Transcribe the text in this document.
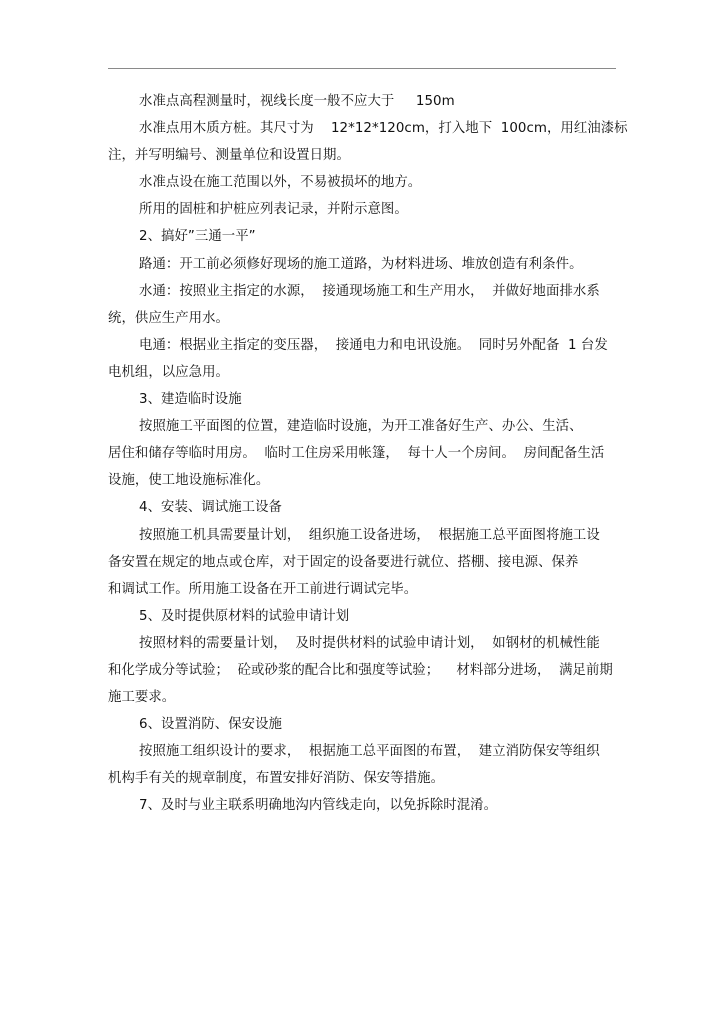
水准点高程测量时，视线长度一般不应大于     150m
水准点用木质方桩。其尺寸为    12*12*120cm，打入地下  100cm，用红油漆标
注，并写明编号、测量单位和设置日期。
水准点设在施工范围以外，不易被损坏的地方。
所用的固桩和护桩应列表记录，并附示意图。
2、搞好”三通一平”
路通：开工前必须修好现场的施工道路，为材料进场、堆放创造有利条件。
水通：按照业主指定的水源，  接通现场施工和生产用水，  并做好地面排水系
统，供应生产用水。
电通：根据业主指定的变压器，  接通电力和电讯设施。  同时另外配备  1 台发
电机组，以应急用。
3、建造临时设施
按照施工平面图的位置，建造临时设施，为开工准备好生产、办公、生活、
居住和储存等临时用房。  临时工住房采用帐篷，  每十人一个房间。  房间配备生活
设施，使工地设施标准化。
4、安装、调试施工设备
按照施工机具需要量计划，  组织施工设备进场，  根据施工总平面图将施工设
备安置在规定的地点或仓库，对于固定的设备要进行就位、搭棚、接电源、保养
和调试工作。所用施工设备在开工前进行调试完毕。
5、及时提供原材料的试验申请计划
按照材料的需要量计划，  及时提供材料的试验申请计划，  如钢材的机械性能
和化学成分等试验；  砼或砂浆的配合比和强度等试验；    材料部分进场，  满足前期
施工要求。
6、设置消防、保安设施
按照施工组织设计的要求，  根据施工总平面图的布置，  建立消防保安等组织
机构手有关的规章制度，布置安排好消防、保安等措施。
7、及时与业主联系明确地沟内管线走向，以免拆除时混淆。
